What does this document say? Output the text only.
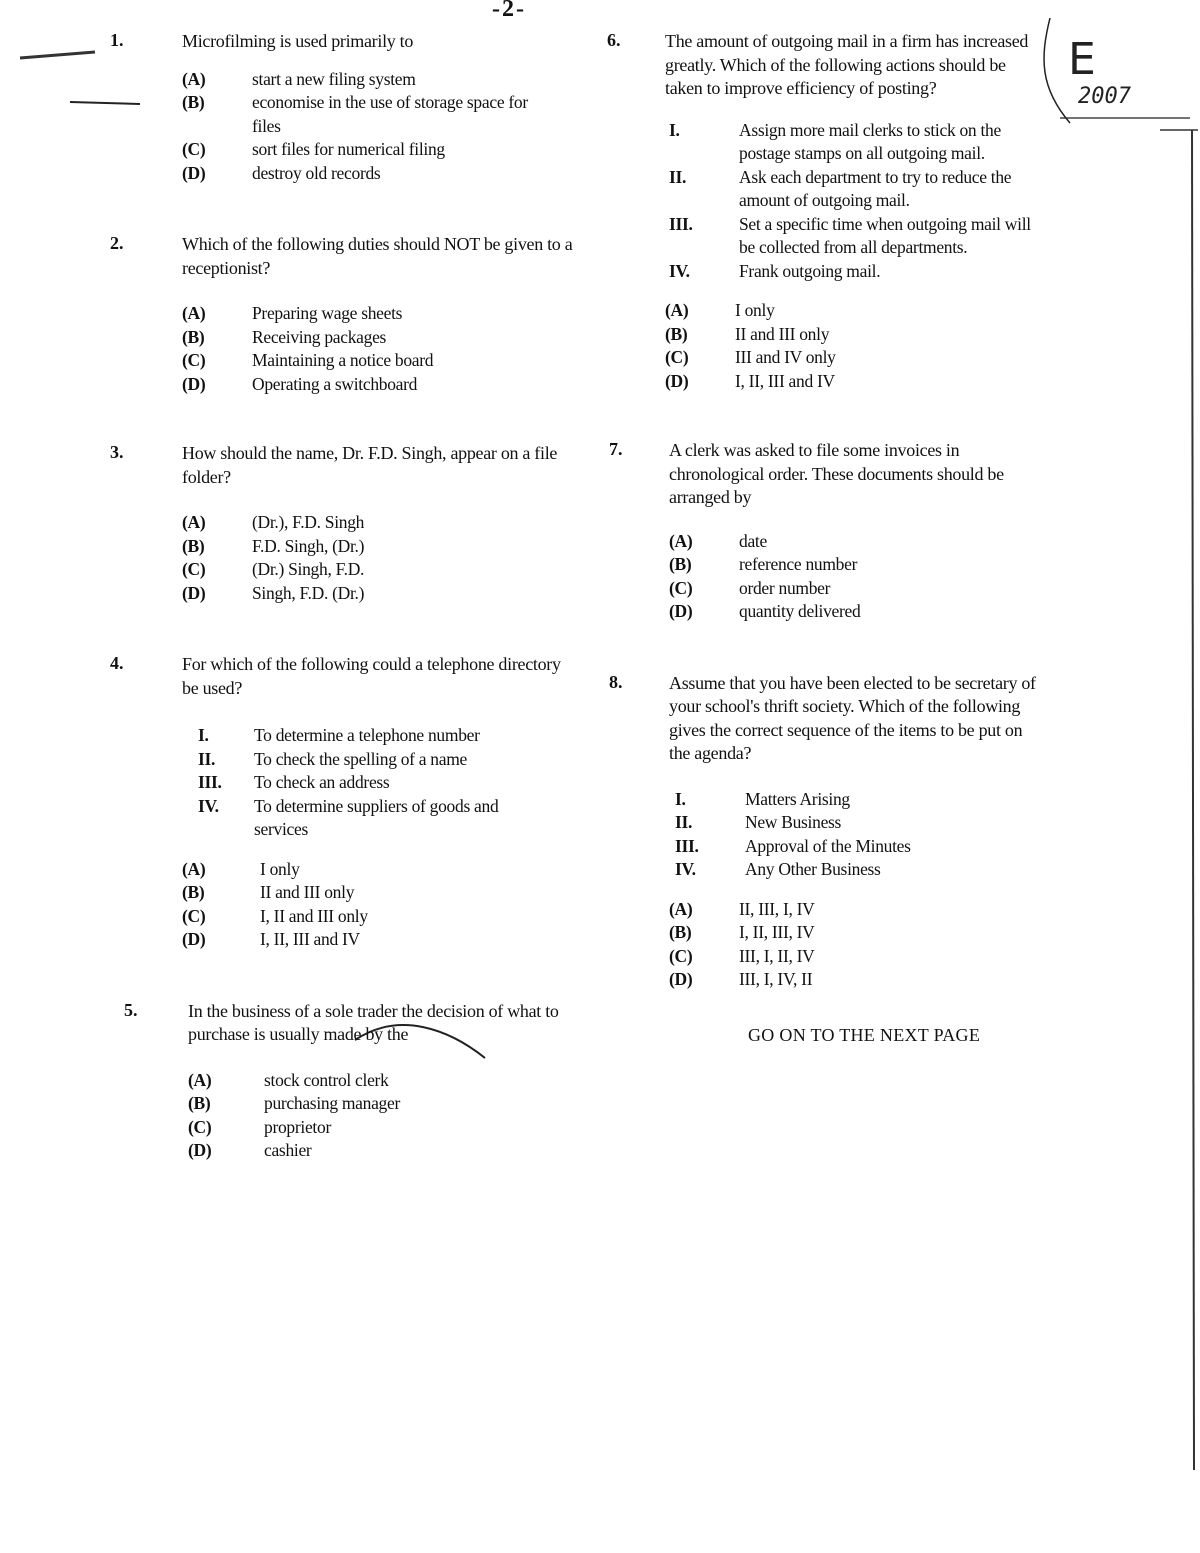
-2-
E
2007
1.	Microfilming is used primarily to
(A)	start a new filing system
(B)	economise in the use of storage space for files
(C)	sort files for numerical filing
(D)	destroy old records
2.	Which of the following duties should NOT be given to a receptionist?
(A)	Preparing wage sheets
(B)	Receiving packages
(C)	Maintaining a notice board
(D)	Operating a switchboard
3.	How should the name, Dr. F.D. Singh, appear on a file folder?
(A)	(Dr.), F.D. Singh
(B)	F.D. Singh, (Dr.)
(C)	(Dr.) Singh, F.D.
(D)	Singh, F.D. (Dr.)
4.	For which of the following could a telephone directory be used?
I.	To determine a telephone number
II.	To check the spelling of a name
III.	To check an address
IV.	To determine suppliers of goods and services
(A)	I only
(B)	II and III only
(C)	I, II and III only
(D)	I, II, III and IV
5.	In the business of a sole trader the decision of what to purchase is usually made by the
(A)	stock control clerk
(B)	purchasing manager
(C)	proprietor
(D)	cashier
6. The amount of outgoing mail in a firm has increased greatly. Which of the following actions should be taken to improve efficiency of posting?
I.	Assign more mail clerks to stick on the postage stamps on all outgoing mail.
II.	Ask each department to try to reduce the amount of outgoing mail.
III.	Set a specific time when outgoing mail will be collected from all departments.
IV.	Frank outgoing mail.
(A)	I only
(B)	II and III only
(C)	III and IV only
(D)	I, II, III and IV
7.	A clerk was asked to file some invoices in chronological order. These documents should be arranged by
(A)	date
(B)	reference number
(C)	order number
(D)	quantity delivered
8.	Assume that you have been elected to be secretary of your school's thrift society. Which of the following gives the correct sequence of the items to be put on the agenda?
I.	Matters Arising
II.	New Business
III.	Approval of the Minutes
IV.	Any Other Business
(A)	II, III, I, IV
(B)	I, II, III, IV
(C)	III, I, II, IV
(D)	III, I, IV, II
GO ON TO THE NEXT PAGE
